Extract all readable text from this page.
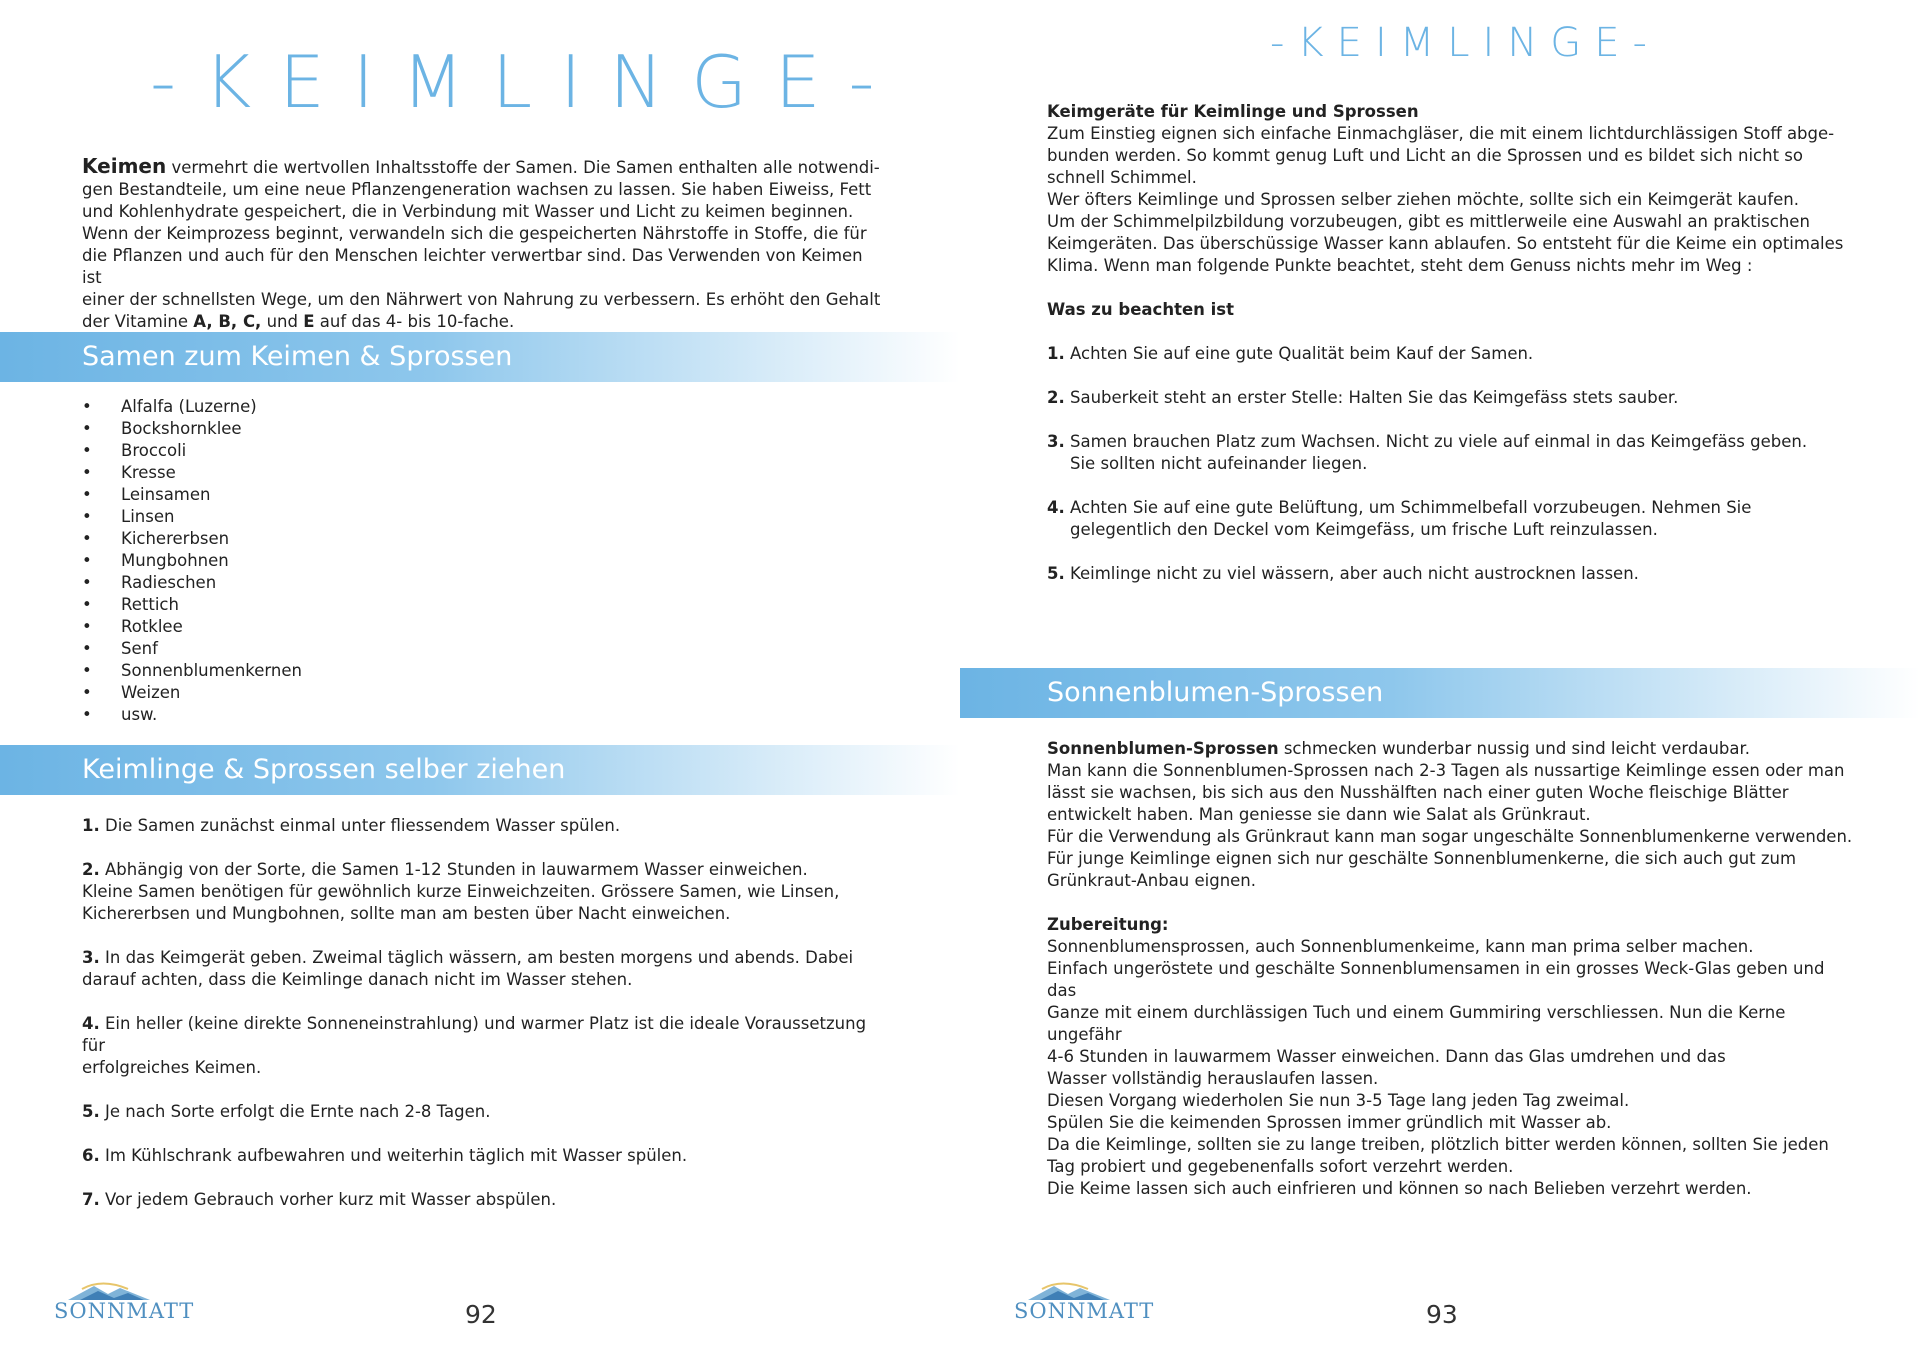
-KEIMLINGE-
Keimen vermehrt die wertvollen Inhaltsstoffe der Samen. Die Samen enthalten alle notwendi-
gen Bestandteile, um eine neue Pflanzengeneration wachsen zu lassen. Sie haben Eiweiss, Fett
und Kohlenhydrate gespeichert, die in Verbindung mit Wasser und Licht zu keimen beginnen.
Wenn der Keimprozess beginnt, verwandeln sich die gespeicherten Nährstoffe in Stoffe, die für
die Pflanzen und auch für den Menschen leichter verwertbar sind. Das Verwenden von Keimen ist
einer der schnellsten Wege, um den Nährwert von Nahrung zu verbessern. Es erhöht den Gehalt
der Vitamine A, B, C, und E auf das 4- bis 10-fache.
Samen zum Keimen & Sprossen
• Alfalfa (Luzerne)
• Bockshornklee
• Broccoli
• Kresse
• Leinsamen
• Linsen
• Kichererbsen
• Mungbohnen
• Radieschen
• Rettich
• Rotklee
• Senf
• Sonnenblumenkernen
• Weizen
• usw.
Keimlinge & Sprossen selber ziehen
1. Die Samen zunächst einmal unter fliessendem Wasser spülen.
2. Abhängig von der Sorte, die Samen 1-12 Stunden in lauwarmem Wasser einweichen.
Kleine Samen benötigen für gewöhnlich kurze Einweichzeiten. Grössere Samen, wie Linsen,
Kichererbsen und Mungbohnen, sollte man am besten über Nacht einweichen.
3. In das Keimgerät geben. Zweimal täglich wässern, am besten morgens und abends. Dabei
darauf achten, dass die Keimlinge danach nicht im Wasser stehen.
4. Ein heller (keine direkte Sonneneinstrahlung) und warmer Platz ist die ideale Voraussetzung für
erfolgreiches Keimen.
5. Je nach Sorte erfolgt die Ernte nach 2-8 Tagen.
6. Im Kühlschrank aufbewahren und weiterhin täglich mit Wasser spülen.
7. Vor jedem Gebrauch vorher kurz mit Wasser abspülen.
SONNMATT	92
-KEIMLINGE-
Keimgeräte für Keimlinge und Sprossen
Zum Einstieg eignen sich einfache Einmachgläser, die mit einem lichtdurchlässigen Stoff abge-
bunden werden. So kommt genug Luft und Licht an die Sprossen und es bildet sich nicht so
schnell Schimmel.
Wer öfters Keimlinge und Sprossen selber ziehen möchte, sollte sich ein Keimgerät kaufen.
Um der Schimmelpilzbildung vorzubeugen, gibt es mittlerweile eine Auswahl an praktischen
Keimgeräten. Das überschüssige Wasser kann ablaufen. So entsteht für die Keime ein optimales
Klima. Wenn man folgende Punkte beachtet, steht dem Genuss nichts mehr im Weg :
Was zu beachten ist
1. Achten Sie auf eine gute Qualität beim Kauf der Samen.
2. Sauberkeit steht an erster Stelle: Halten Sie das Keimgefäss stets sauber.
3. Samen brauchen Platz zum Wachsen. Nicht zu viele auf einmal in das Keimgefäss geben.
Sie sollten nicht aufeinander liegen.
4. Achten Sie auf eine gute Belüftung, um Schimmelbefall vorzubeugen. Nehmen Sie
gelegentlich den Deckel vom Keimgefäss, um frische Luft reinzulassen.
5. Keimlinge nicht zu viel wässern, aber auch nicht austrocknen lassen.
Sonnenblumen-Sprossen
Sonnenblumen-Sprossen schmecken wunderbar nussig und sind leicht verdaubar.
Man kann die Sonnenblumen-Sprossen nach 2-3 Tagen als nussartige Keimlinge essen oder man
lässt sie wachsen, bis sich aus den Nusshälften nach einer guten Woche fleischige Blätter
entwickelt haben. Man geniesse sie dann wie Salat als Grünkraut.
Für die Verwendung als Grünkraut kann man sogar ungeschälte Sonnenblumenkerne verwenden.
Für junge Keimlinge eignen sich nur geschälte Sonnenblumenkerne, die sich auch gut zum
Grünkraut-Anbau eignen.
Zubereitung:
Sonnenblumensprossen, auch Sonnenblumenkeime, kann man prima selber machen.
Einfach ungeröstete und geschälte Sonnenblumensamen in ein grosses Weck-Glas geben und das
Ganze mit einem durchlässigen Tuch und einem Gummiring verschliessen. Nun die Kerne ungefähr
4-6 Stunden in lauwarmem Wasser einweichen. Dann das Glas umdrehen und das
Wasser vollständig herauslaufen lassen.
Diesen Vorgang wiederholen Sie nun 3-5 Tage lang jeden Tag zweimal.
Spülen Sie die keimenden Sprossen immer gründlich mit Wasser ab.
Da die Keimlinge, sollten sie zu lange treiben, plötzlich bitter werden können, sollten Sie jeden
Tag probiert und gegebenenfalls sofort verzehrt werden.
Die Keime lassen sich auch einfrieren und können so nach Belieben verzehrt werden.
SONNMATT	93
